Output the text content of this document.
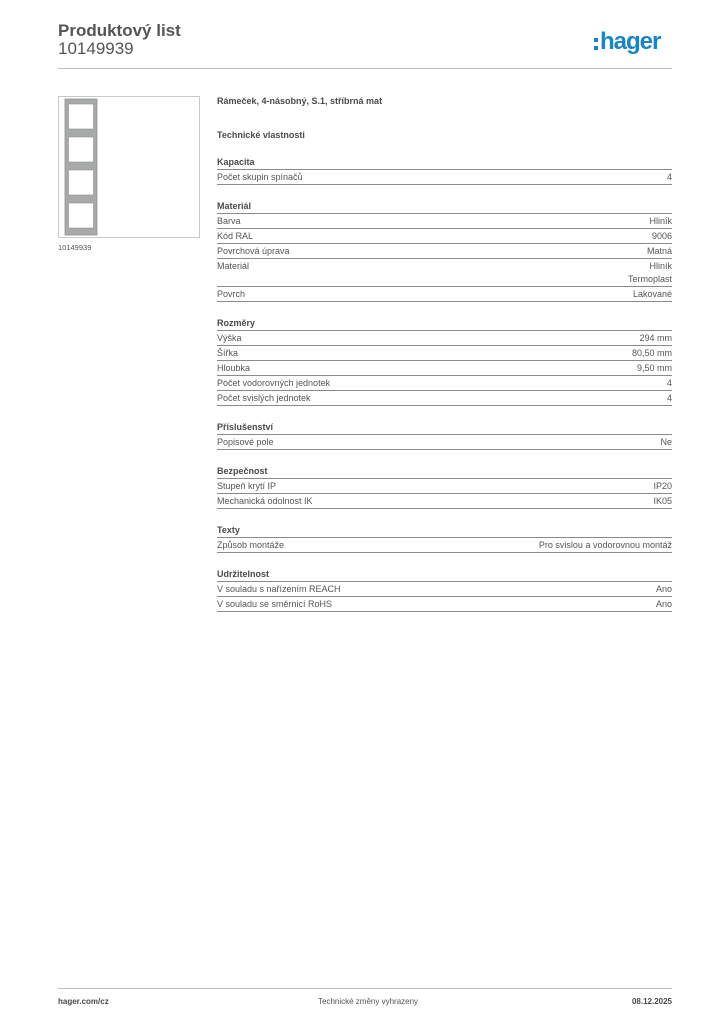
Produktový list
10149939	hager
10149939
Rámeček, 4-násobný, S.1, stříbrná mat
Technické vlastnosti
Kapacita
Počet skupin spínačů	4
Materiál
Barva	Hliník
Kód RAL	9006
Povrchová úprava	Matná
Materiál	Hliník
Termoplast
Povrch	Lakované
Rozměry
Výška	294 mm
Šířka	80,50 mm
Hloubka	9,50 mm
Počet vodorovných jednotek	4
Počet svislých jednotek	4
Příslušenství
Popisové pole	Ne
Bezpečnost
Stupeň krytí IP	IP20
Mechanická odolnost IK	IK05
Texty
Způsob montáže	Pro svislou a vodorovnou montáž
Udržitelnost
V souladu s nařízením REACH	Ano
V souladu se směrnicí RoHS	Ano
hager.com/cz	Technické změny vyhrazeny	08.12.2025
